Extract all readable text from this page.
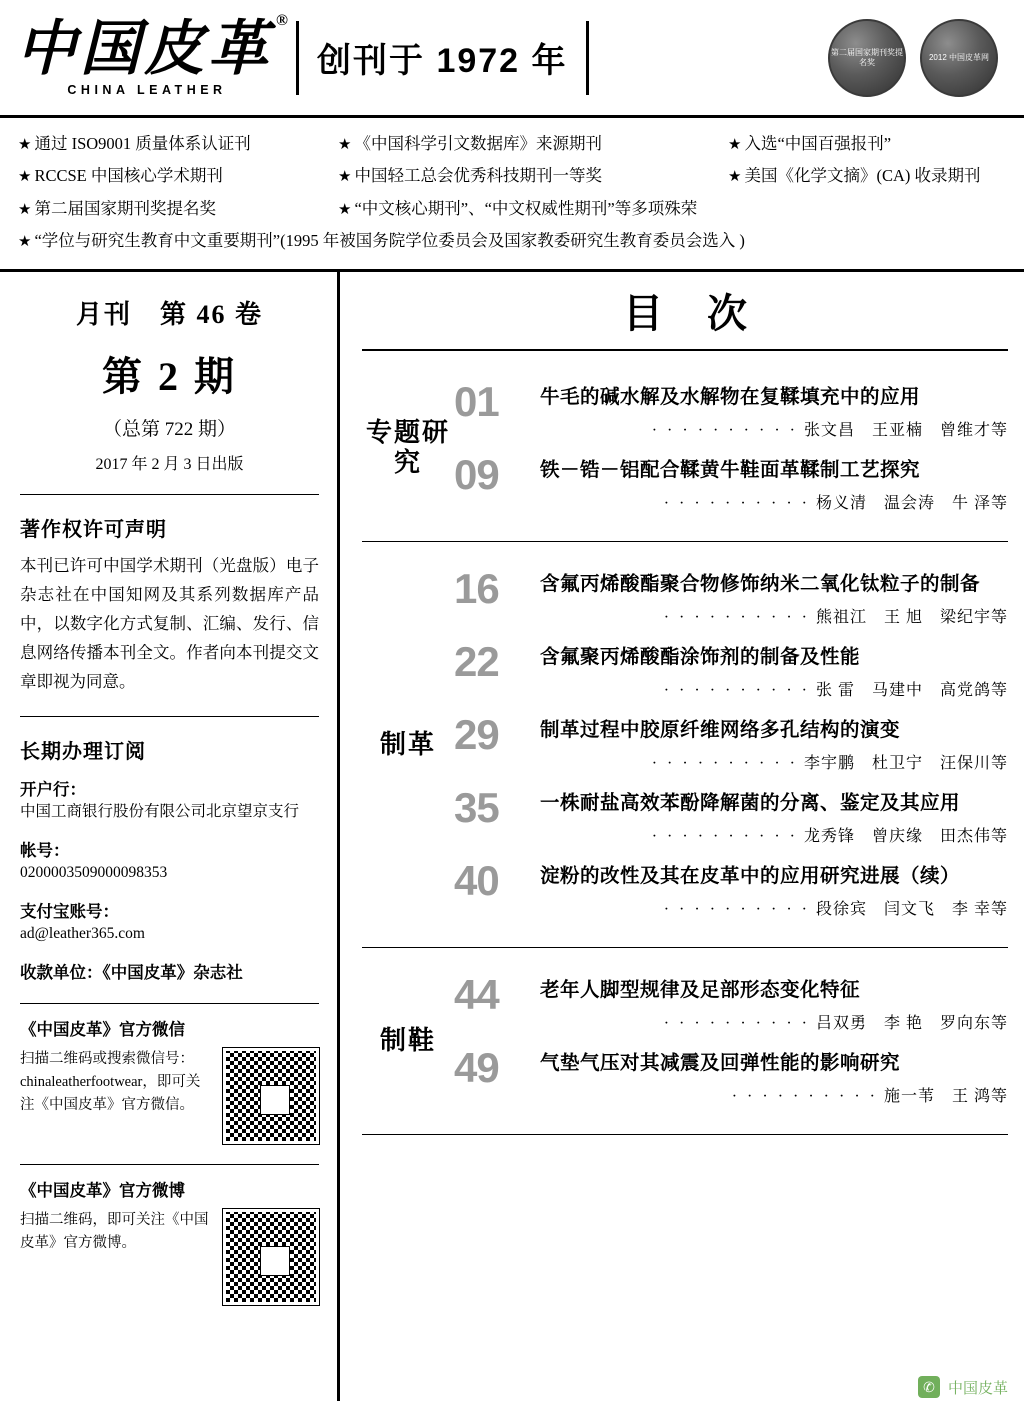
中国皮革 ®
CHINA LEATHER
创刊于 1972 年	第二届国家期刊奖提名奖
2012 中国皮革网
★ 通过 ISO9001 质量体系认证刊	★ 《中国科学引文数据库》来源期刊	★ 入选“中国百强报刊”
★ RCCSE 中国核心学术期刊	★ 中国轻工总会优秀科技期刊一等奖	★ 美国《化学文摘》(CA) 收录期刊
★ 第二届国家期刊奖提名奖	★ “中文核心期刊”、“中文权威性期刊”等多项殊荣
★ “学位与研究生教育中文重要期刊”(1995 年被国务院学位委员会及国家教委研究生教育委员会选入 )
月刊　第 46 卷
第 2 期
（总第 722 期）
2017 年 2 月 3 日出版
著作权许可声明
本刊已许可中国学术期刊（光盘版）电子杂志社在中国知网及其系列数据库产品中，以数字化方式复制、汇编、发行、信息网络传播本刊全文。作者向本刊提交文章即视为同意。
长期办理订阅
开户行：
中国工商银行股份有限公司北京望京支行
帐号：
0200003509000098353
支付宝账号：
ad@leather365.com
收款单位：《中国皮革》杂志社
《中国皮革》官方微信
扫描二维码或搜索微信号：chinaleatherfootwear，即可关注《中国皮革》官方微信。
《中国皮革》官方微博
扫描二维码，即可关注《中国皮革》官方微博。
目次
专题研究
01	牛毛的碱水解及水解物在复鞣填充中的应用
· · · · · · · · · · 张文昌　王亚楠　曾维才等
09	铁－锆－铝配合鞣黄牛鞋面革鞣制工艺探究
· · · · · · · · · · 杨义清　温会涛　牛 泽等
制革
16	含氟丙烯酸酯聚合物修饰纳米二氧化钛粒子的制备
· · · · · · · · · · 熊祖江　王 旭　梁纪宇等
22	含氟聚丙烯酸酯涂饰剂的制备及性能
· · · · · · · · · · 张 雷　马建中　高党鸽等
29	制革过程中胶原纤维网络多孔结构的演变
· · · · · · · · · · 李宇鹏　杜卫宁　汪保川等
35	一株耐盐高效苯酚降解菌的分离、鉴定及其应用
· · · · · · · · · · 龙秀锋　曾庆缘　田杰伟等
40	淀粉的改性及其在皮革中的应用研究进展（续）
· · · · · · · · · · 段徐宾　闫文飞　李 幸等
制鞋
44	老年人脚型规律及足部形态变化特征
· · · · · · · · · · 吕双勇　李 艳　罗向东等
49	气垫气压对其减震及回弹性能的影响研究
· · · · · · · · · · 施一苇　王 鸿等
✆ 中国皮革
